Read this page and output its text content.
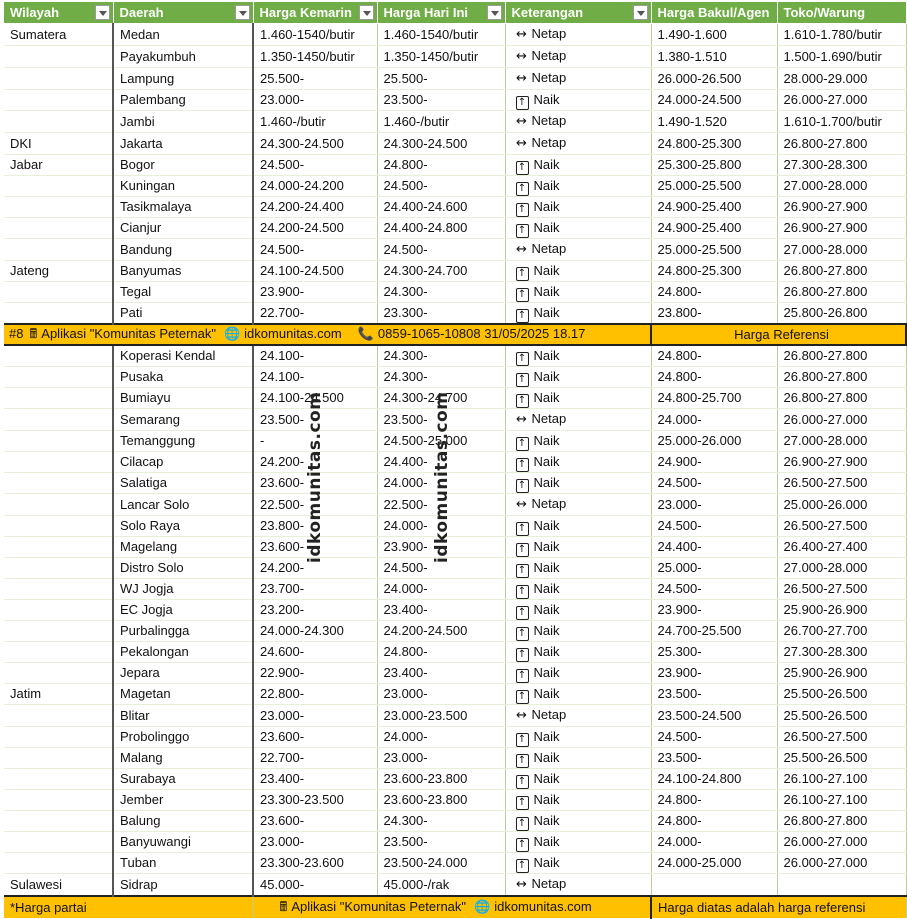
Wilayah	Daerah	Harga Kemarin	Harga Hari Ini	Keterangan	Harga Bakul/Agen	Toko/Warung
Sumatera	Medan	1.460-1540/butir	1.460-1540/butir	↔ Netap	1.490-1.600	1.610-1.780/butir
	Payakumbuh	1.350-1450/butir	1.350-1450/butir	↔ Netap	1.380-1.510	1.500-1.690/butir
	Lampung	25.500-	25.500-	↔ Netap	26.000-26.500	28.000-29.000
	Palembang	23.000-	23.500-	↑ Naik	24.000-24.500	26.000-27.000
	Jambi	1.460-/butir	1.460-/butir	↔ Netap	1.490-1.520	1.610-1.700/butir
DKI	Jakarta	24.300-24.500	24.300-24.500	↔ Netap	24.800-25.300	26.800-27.800
Jabar	Bogor	24.500-	24.800-	↑ Naik	25.300-25.800	27.300-28.300
	Kuningan	24.000-24.200	24.500-	↑ Naik	25.000-25.500	27.000-28.000
	Tasikmalaya	24.200-24.400	24.400-24.600	↑ Naik	24.900-25.400	26.900-27.900
	Cianjur	24.200-24.500	24.400-24.800	↑ Naik	24.900-25.400	26.900-27.900
	Bandung	24.500-	24.500-	↔ Netap	25.000-25.500	27.000-28.000
Jateng	Banyumas	24.100-24.500	24.300-24.700	↑ Naik	24.800-25.300	26.800-27.800
	Tegal	23.900-	24.300-	↑ Naik	24.800-	26.800-27.800
	Pati	22.700-	23.300-	↑ Naik	23.800-	25.800-26.800
#8 🖩 Aplikasi "Komunitas Peternak" 🌐 idkomunitas.com 📞 0859-1065-10808 31/05/2025 18.17					Harga Referensi	
	Koperasi Kendal	24.100-	24.300-	↑ Naik	24.800-	26.800-27.800
	Pusaka	24.100-	24.300-	↑ Naik	24.800-	26.800-27.800
	Bumiayu	24.100-24.500	24.300-24.700	↑ Naik	24.800-25.700	26.800-27.800
	Semarang	23.500-	23.500-	↔ Netap	24.000-	26.000-27.000
	Temanggung	-	24.500-25.000	↑ Naik	25.000-26.000	27.000-28.000
	Cilacap	24.200-	24.400-	↑ Naik	24.900-	26.900-27.900
	Salatiga	23.600-	24.000-	↑ Naik	24.500-	26.500-27.500
	Lancar Solo	22.500-	22.500-	↔ Netap	23.000-	25.000-26.000
	Solo Raya	23.800-	24.000-	↑ Naik	24.500-	26.500-27.500
	Magelang	23.600-	23.900-	↑ Naik	24.400-	26.400-27.400
	Distro Solo	24.200-	24.500-	↑ Naik	25.000-	27.000-28.000
	WJ Jogja	23.700-	24.000-	↑ Naik	24.500-	26.500-27.500
	EC Jogja	23.200-	23.400-	↑ Naik	23.900-	25.900-26.900
	Purbalingga	24.000-24.300	24.200-24.500	↑ Naik	24.700-25.500	26.700-27.700
	Pekalongan	24.600-	24.800-	↑ Naik	25.300-	27.300-28.300
	Jepara	22.900-	23.400-	↑ Naik	23.900-	25.900-26.900
Jatim	Magetan	22.800-	23.000-	↑ Naik	23.500-	25.500-26.500
	Blitar	23.000-	23.000-23.500	↔ Netap	23.500-24.500	25.500-26.500
	Probolinggo	23.600-	24.000-	↑ Naik	24.500-	26.500-27.500
	Malang	22.700-	23.000-	↑ Naik	23.500-	25.500-26.500
	Surabaya	23.400-	23.600-23.800	↑ Naik	24.100-24.800	26.100-27.100
	Jember	23.300-23.500	23.600-23.800	↑ Naik	24.800-	26.100-27.100
	Balung	23.600-	24.300-	↑ Naik	24.800-	26.800-27.800
	Banyuwangi	23.000-	23.500-	↑ Naik	24.000-	26.000-27.000
	Tuban	23.300-23.600	23.500-24.000	↑ Naik	24.000-25.000	26.000-27.000
Sulawesi	Sidrap	45.000-	45.000-/rak	↔ Netap		
*Harga partai		🖩 Aplikasi "Komunitas Peternak" 🌐 idkomunitas.com			Harga diatas adalah harga referensi	
idkomunitas.com	idkomunitas.com
